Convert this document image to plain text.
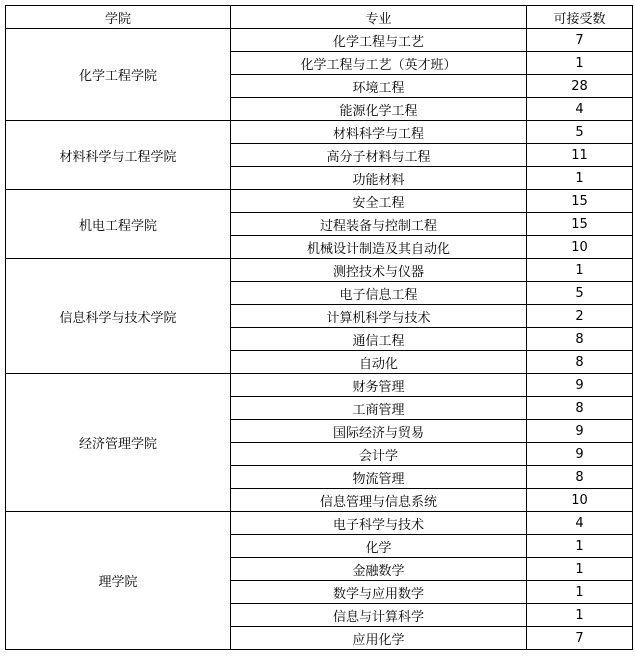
学院	专业	可接受数
化学工程学院	化学工程与工艺	7
	化学工程与工艺（英才班）	1
	环境工程	28
	能源化学工程	4
材料科学与工程学院	材料科学与工程	5
	高分子材料与工程	11
	功能材料	1
机电工程学院	安全工程	15
	过程装备与控制工程	15
	机械设计制造及其自动化	10
信息科学与技术学院	测控技术与仪器	1
	电子信息工程	5
	计算机科学与技术	2
	通信工程	8
	自动化	8
经济管理学院	财务管理	9
	工商管理	8
	国际经济与贸易	9
	会计学	9
	物流管理	8
	信息管理与信息系统	10
理学院	电子科学与技术	4
	化学	1
	金融数学	1
	数学与应用数学	1
	信息与计算科学	1
	应用化学	7
